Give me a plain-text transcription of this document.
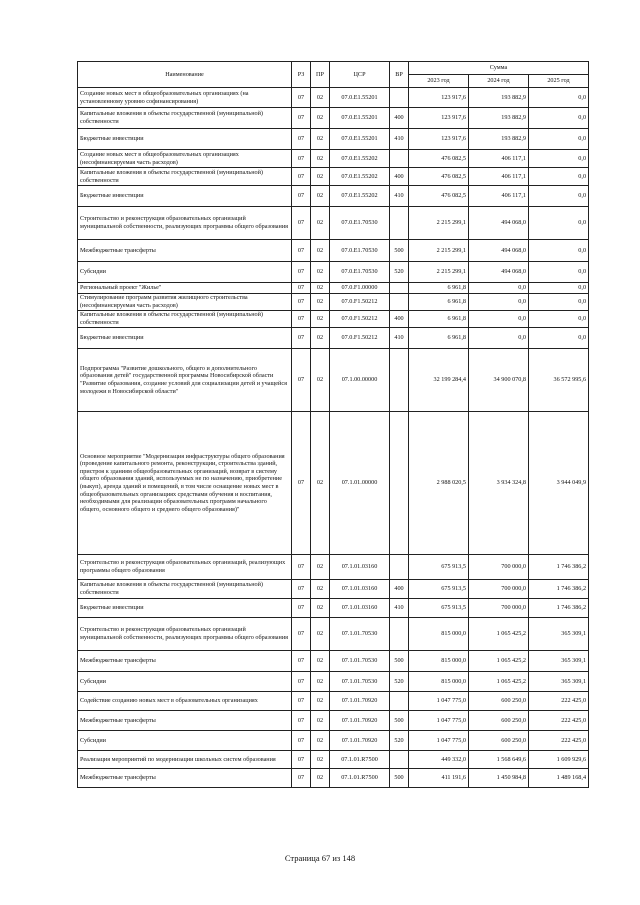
Наименование	РЗ	ПР	ЦСР	ВР	Сумма		
					2023 год	2024 год	2025 год
Создание новых мест в общеобразовательных организациях (на установленному уровню софинансирования)	07	02	07.0.E1.55201		123 917,6	193 882,9	0,0
Капитальные вложения в объекты государственной (муниципальной) собственности	07	02	07.0.E1.55201	400	123 917,6	193 882,9	0,0
Бюджетные инвестиции	07	02	07.0.E1.55201	410	123 917,6	193 882,9	0,0
Создание новых мест в общеобразовательных организациях (несофинансируемая часть расходов)	07	02	07.0.E1.55202		476 082,5	406 117,1	0,0
Капитальные вложения в объекты государственной (муниципальной) собственности	07	02	07.0.E1.55202	400	476 082,5	406 117,1	0,0
Бюджетные инвестиции	07	02	07.0.E1.55202	410	476 082,5	406 117,1	0,0
Строительство и реконструкция образовательных организаций муниципальной собственности, реализующих программы общего образования	07	02	07.0.E1.70530		2 215 299,1	494 068,0	0,0
Межбюджетные трансферты	07	02	07.0.E1.70530	500	2 215 299,1	494 068,0	0,0
Субсидии	07	02	07.0.E1.70530	520	2 215 299,1	494 068,0	0,0
Региональный проект "Жилье"	07	02	07.0.F1.00000		6 961,8	0,0	0,0
Стимулирование программ развития жилищного строительства (несофинансируемая часть расходов)	07	02	07.0.F1.50212		6 961,8	0,0	0,0
Капитальные вложения в объекты государственной (муниципальной) собственности	07	02	07.0.F1.50212	400	6 961,8	0,0	0,0
Бюджетные инвестиции	07	02	07.0.F1.50212	410	6 961,8	0,0	0,0
Подпрограмма "Развитие дошкольного, общего и дополнительного образования детей" государственной программы Новосибирской области "Развитие образования, создание условий для социализации детей и учащейся молодежи в Новосибирской области"	07	02	07.1.00.00000		32 199 284,4	34 900 070,8	36 572 995,6
Основное мероприятие "Модернизация инфраструктуры общего образования (проведение капитального ремонта, реконструкции, строительства зданий, пристроя к зданиям общеобразовательных организаций, возврат в систему общего образования зданий, используемых не по назначению, приобретение (выкуп), аренда зданий и помещений, в том числе оснащение новых мест в общеобразовательных организациях средствами обучения и воспитания, необходимыми для реализации образовательных программ начального общего, основного общего и среднего общего образования)"	07	02	07.1.01.00000		2 988 020,5	3 934 324,8	3 944 049,9
Строительство и реконструкция образовательных организаций, реализующих программы общего образования	07	02	07.1.01.03160		675 913,5	700 000,0	1 746 386,2
Капитальные вложения в объекты государственной (муниципальной) собственности	07	02	07.1.01.03160	400	675 913,5	700 000,0	1 746 386,2
Бюджетные инвестиции	07	02	07.1.01.03160	410	675 913,5	700 000,0	1 746 386,2
Строительство и реконструкция образовательных организаций муниципальной собственности, реализующих программы общего образования	07	02	07.1.01.70530		815 000,0	1 065 425,2	365 309,1
Межбюджетные трансферты	07	02	07.1.01.70530	500	815 000,0	1 065 425,2	365 309,1
Субсидии	07	02	07.1.01.70530	520	815 000,0	1 065 425,2	365 309,1
Содействие созданию новых мест в образовательных организациях	07	02	07.1.01.70920		1 047 775,0	600 250,0	222 425,0
Межбюджетные трансферты	07	02	07.1.01.70920	500	1 047 775,0	600 250,0	222 425,0
Субсидии	07	02	07.1.01.70920	520	1 047 775,0	600 250,0	222 425,0
Реализация мероприятий по модернизации школьных систем образования	07	02	07.1.01.R7500		449 332,0	1 568 649,6	1 609 929,6
Межбюджетные трансферты	07	02	07.1.01.R7500	500	411 191,6	1 450 984,8	1 489 168,4
Страница 67 из 148
